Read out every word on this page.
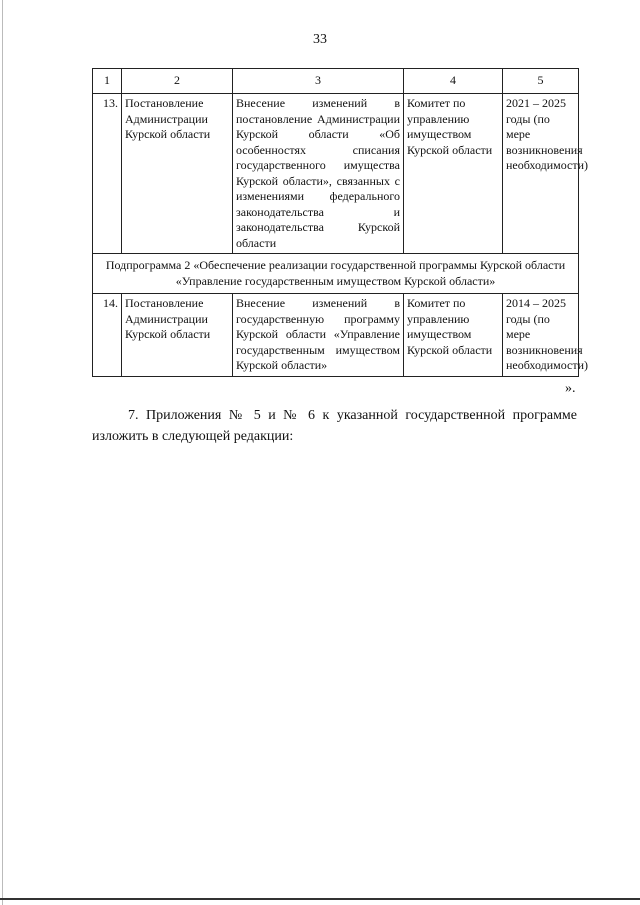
33
1	2	3	4	5
13.	Постановление Администрации Курской области	Внесение изменений в постановление Администрации Курской области «Об особенностях списания государственного имущества Курской области», связанных с изменениями федерального законодательства и законодательства Курской области	Комитет по управлению имуществом Курской области	2021 – 2025 годы (по мере возникновения необходимости)
Подпрограмма 2 «Обеспечение реализации государственной программы Курской области «Управление государственным имуществом Курской области»				
14.	Постановление Администрации Курской области	Внесение изменений в государственную программу Курской области «Управление государственным имуществом Курской области»	Комитет по управлению имуществом Курской области	2014 – 2025 годы (по мере возникновения необходимости)
».
7. Приложения № 5 и № 6 к указанной государственной программе изложить в следующей редакции:
